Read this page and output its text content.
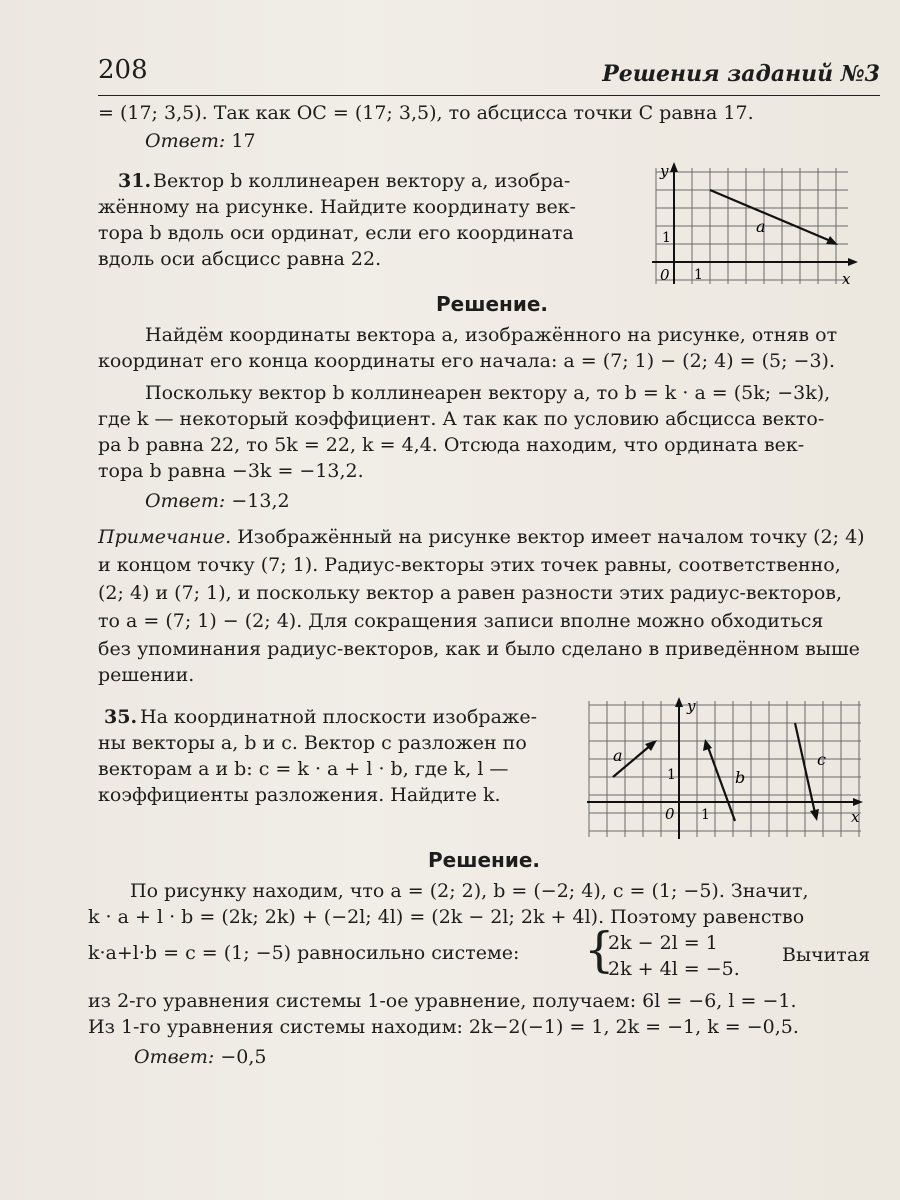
208	Решения заданий №3
= (17; 3,5). Так как OC = (17; 3,5), то абсцисса точки C равна 17.
Ответ: 17
31. Вектор b коллинеарен вектору a, изобра-
жённому на рисунке. Найдите координату век-
тора b вдоль оси ординат, если его координата
вдоль оси абсцисс равна 22.
y
x
0 1
1
a
Решение.
Найдём координаты вектора a, изображённого на рисунке, отняв от
координат его конца координаты его начала: a = (7; 1) − (2; 4) = (5; −3).
Поскольку вектор b коллинеарен вектору a, то b = k · a = (5k; −3k),
где k — некоторый коэффициент. А так как по условию абсцисса векто-
ра b равна 22, то 5k = 22, k = 4,4. Отсюда находим, что ордината век-
тора b равна −3k = −13,2.
Ответ: −13,2
Примечание. Изображённый на рисунке вектор имеет началом точку (2; 4)
и концом точку (7; 1). Радиус-векторы этих точек равны, соответственно,
(2; 4) и (7; 1), и поскольку вектор a равен разности этих радиус-векторов,
то a = (7; 1) − (2; 4). Для сокращения записи вполне можно обходиться
без упоминания радиус-векторов, как и было сделано в приведённом выше
решении.
35. На координатной плоскости изображе-
ны векторы a, b и c. Вектор c разложен по
векторам a и b: c = k · a + l · b, где k, l —
коэффициенты разложения. Найдите k.
y
x
0 1
1
a
b
c
Решение.
По рисунку находим, что a = (2; 2), b = (−2; 4), c = (1; −5). Значит,
k · a + l · b = (2k; 2k) + (−2l; 4l) = (2k − 2l; 2k + 4l). Поэтому равенство
k·a+l·b = c = (1; −5) равносильно системе: {
2k − 2l = 1
2k + 4l = −5.
Вычитая
из 2-го уравнения системы 1-ое уравнение, получаем: 6l = −6, l = −1.
Из 1-го уравнения системы находим: 2k−2(−1) = 1, 2k = −1, k = −0,5.
Ответ: −0,5
